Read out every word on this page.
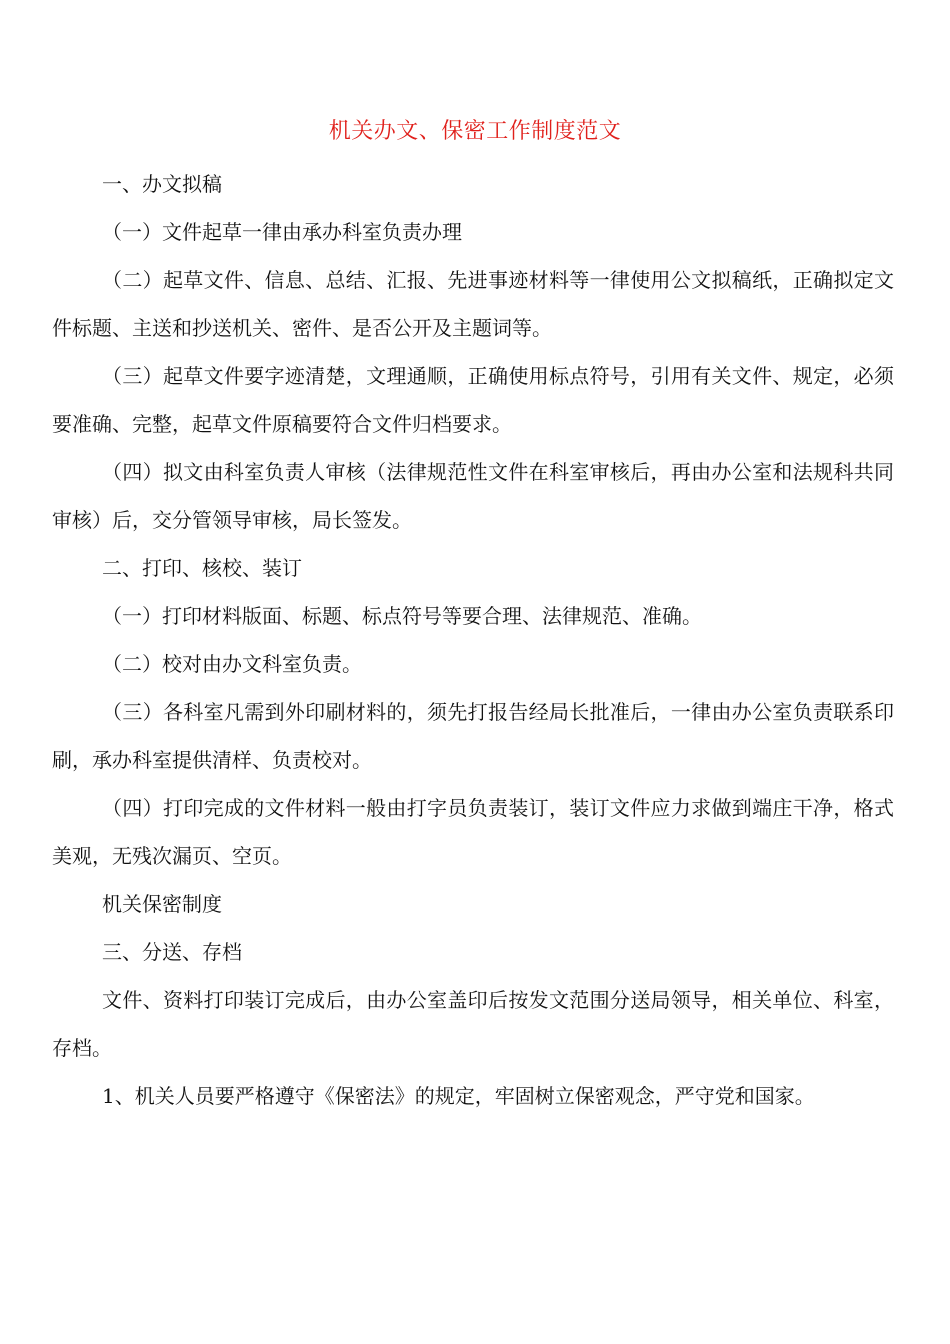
机关办文、保密工作制度范文

一、办文拟稿

（一）文件起草一律由承办科室负责办理

（二）起草文件、信息、总结、汇报、先进事迹材料等一律使用公文拟稿纸，正确拟定文件标题、主送和抄送机关、密件、是否公开及主题词等。

（三）起草文件要字迹清楚，文理通顺，正确使用标点符号，引用有关文件、规定，必须要准确、完整，起草文件原稿要符合文件归档要求。

（四）拟文由科室负责人审核（法律规范性文件在科室审核后，再由办公室和法规科共同审核）后，交分管领导审核，局长签发。

二、打印、核校、装订

（一）打印材料版面、标题、标点符号等要合理、法律规范、准确。

（二）校对由办文科室负责。

（三）各科室凡需到外印刷材料的，须先打报告经局长批准后，一律由办公室负责联系印刷，承办科室提供清样、负责校对。

（四）打印完成的文件材料一般由打字员负责装订，装订文件应力求做到端庄干净，格式美观，无残次漏页、空页。

机关保密制度

三、分送、存档

文件、资料打印装订完成后，由办公室盖印后按发文范围分送局领导，相关单位、科室，存档。

1、机关人员要严格遵守《保密法》的规定，牢固树立保密观念，严守党和国家。
